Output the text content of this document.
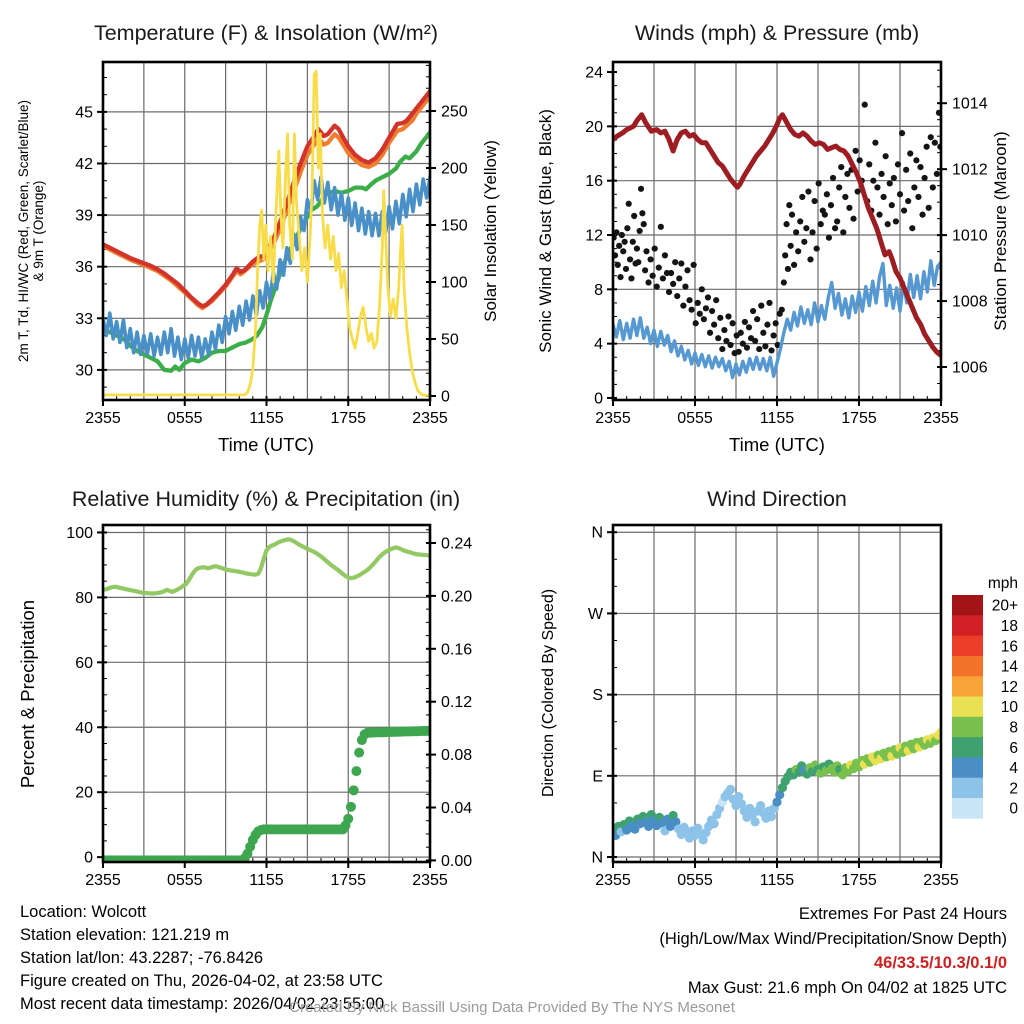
2355	0555	1155	1755	2355
30
33
36
39
42
45
0
50
100
150
200
250
2355	0555	1155	1755	2355
0
4
8
12
16
20
24
1006
1008
1010
1012
1014
2355	0555	1155	1755	2355
0
20
40
60
80
100
0.00
0.04
0.08
0.12
0.16
0.20
0.24
2355	0555	1155	1755	2355
N
E
S
W
N
mph
20+
18
16
14
12
10
8
6
4
2
0
Temperature (F) & Insolation (W/m²)	Winds (mph) & Pressure (mb)
Relative Humidity (%) & Precipitation (in)	Wind Direction
Time (UTC)	Time (UTC)
2m T, Td, HI/WC (Red, Green, Scarlet/Blue) & 9m T (Orange)	Solar Insolation (Yellow) Sonic Wind & Gust (Blue, Black)	Station Pressure (Maroon)
Percent & Precipitation	Direction (Colored By Speed)
Location: Wolcott
Station elevation: 121.219 m
Station lat/lon: 43.2287; -76.8426
Figure created on Thu, 2026-04-02, at 23:58 UTC
Most recent data timestamp: 2026/04/02 23:55:00
Extremes For Past 24 Hours
(High/Low/Max Wind/Precipitation/Snow Depth)
46/33.5/10.3/0.1/0
Max Gust: 21.6 mph On 04/02 at 1825 UTC
Created By Nick Bassill Using Data Provided By The NYS Mesonet
